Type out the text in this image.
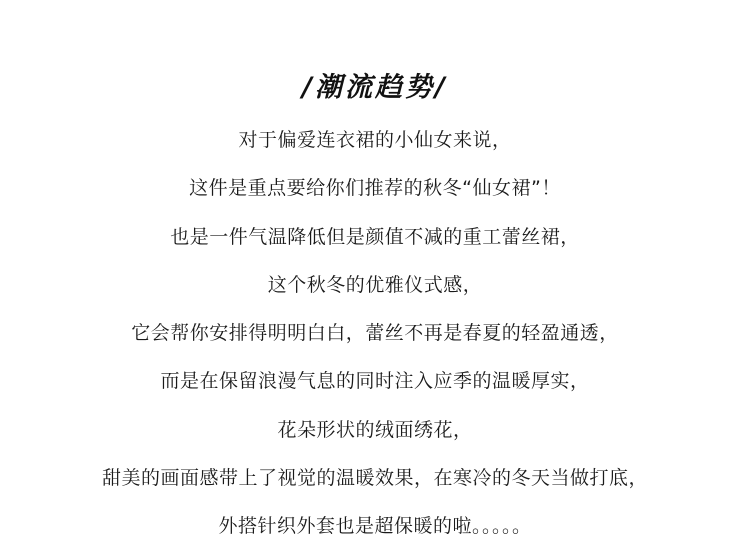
/潮流趋势/
对于偏爱连衣裙的小仙女来说，
这件是重点要给你们推荐的秋冬“仙女裙”！
也是一件气温降低但是颜值不减的重工蕾丝裙，
这个秋冬的优雅仪式感，
它会帮你安排得明明白白，蕾丝不再是春夏的轻盈通透，
而是在保留浪漫气息的同时注入应季的温暖厚实，
花朵形状的绒面绣花，
甜美的画面感带上了视觉的温暖效果，在寒冷的冬天当做打底，
外搭针织外套也是超保暖的啦。。。。。
